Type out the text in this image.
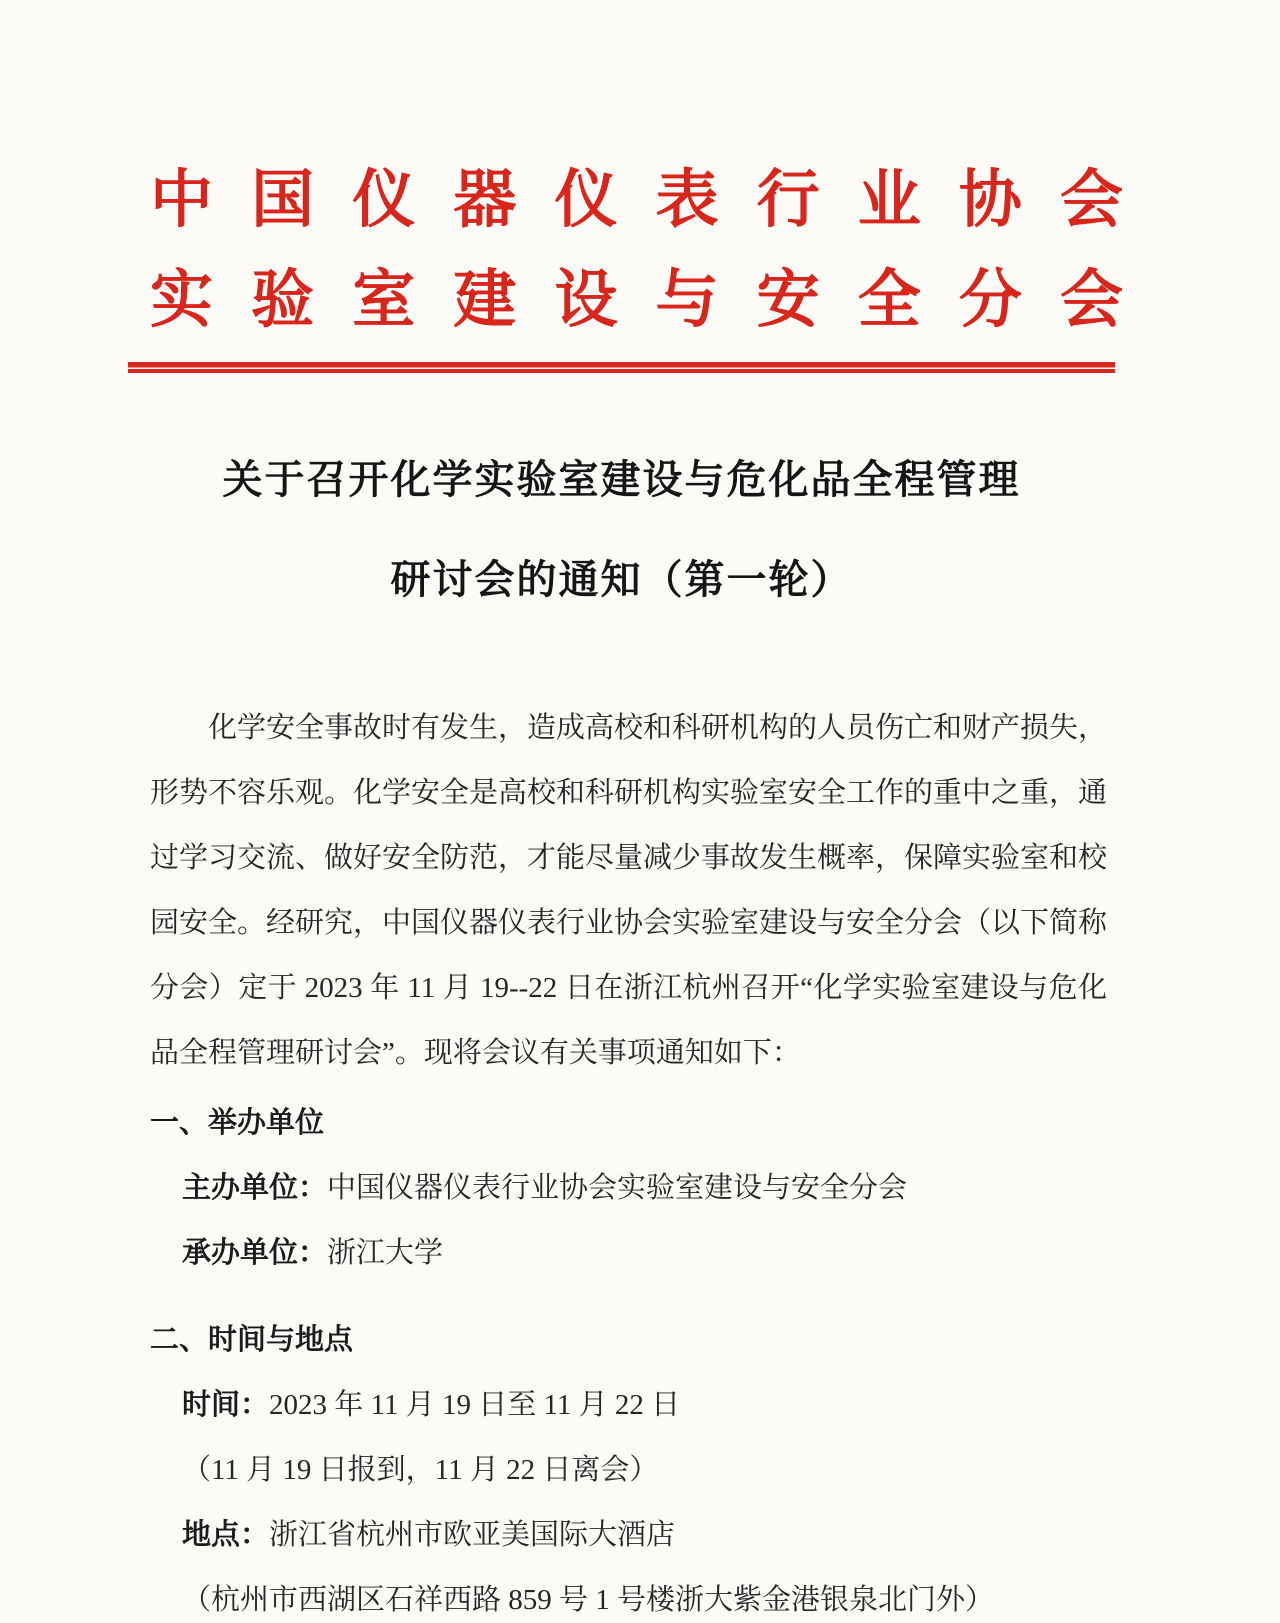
中国仪器仪表行业协会
实验室建设与安全分会
关于召开化学实验室建设与危化品全程管理
研讨会的通知（第一轮）

化学安全事故时有发生，造成高校和科研机构的人员伤亡和财产损失，形势不容乐观。化学安全是高校和科研机构实验室安全工作的重中之重，通过学习交流、做好安全防范，才能尽量减少事故发生概率，保障实验室和校园安全。经研究，中国仪器仪表行业协会实验室建设与安全分会（以下简称分会）定于 2023 年 11 月 19--22 日在浙江杭州召开“化学实验室建设与危化品全程管理研讨会”。现将会议有关事项通知如下：

一、举办单位
主办单位：中国仪器仪表行业协会实验室建设与安全分会
承办单位：浙江大学
二、时间与地点
时间：2023 年 11 月 19 日至 11 月 22 日
（11 月 19 日报到，11 月 22 日离会）
地点：浙江省杭州市欧亚美国际大酒店
（杭州市西湖区石祥西路 859 号 1 号楼浙大紫金港银泉北门外）
